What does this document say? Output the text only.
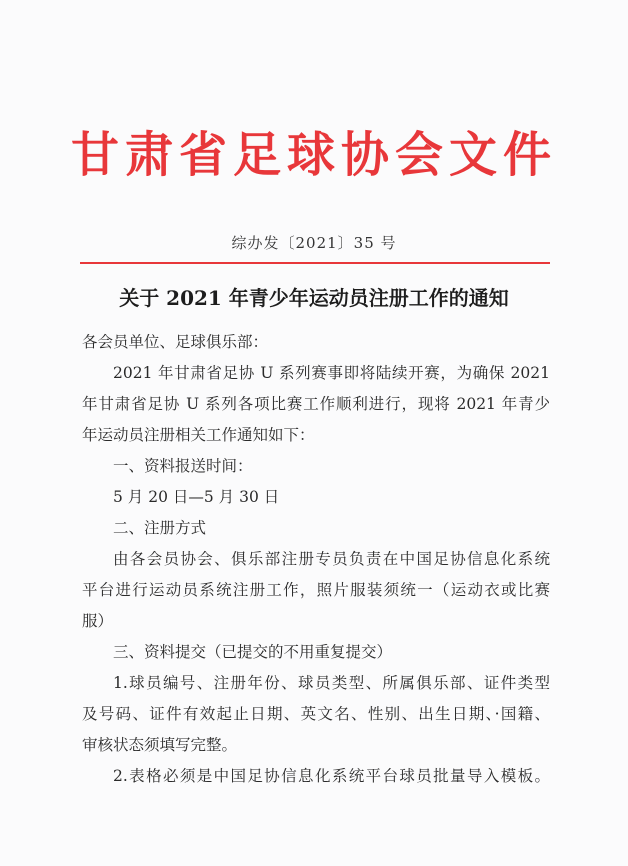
甘肃省足球协会文件
综办发〔2021〕35 号
关于 2021 年青少年运动员注册工作的通知
各会员单位、足球俱乐部：
2021 年甘肃省足协 U 系列赛事即将陆续开赛，为确保 2021
年甘肃省足协 U 系列各项比赛工作顺利进行，现将 2021 年青少
年运动员注册相关工作通知如下：
一、资料报送时间：
5 月 20 日—5 月 30 日
二、注册方式
由各会员协会、俱乐部注册专员负责在中国足协信息化系统
平台进行运动员系统注册工作，照片服装须统一（运动衣或比赛
服）
三、资料提交（已提交的不用重复提交）
1.球员编号、注册年份、球员类型、所属俱乐部、证件类型
及号码、证件有效起止日期、英文名、性别、出生日期、·国籍、
审核状态须填写完整。
2.表格必须是中国足协信息化系统平台球员批量导入模板。
